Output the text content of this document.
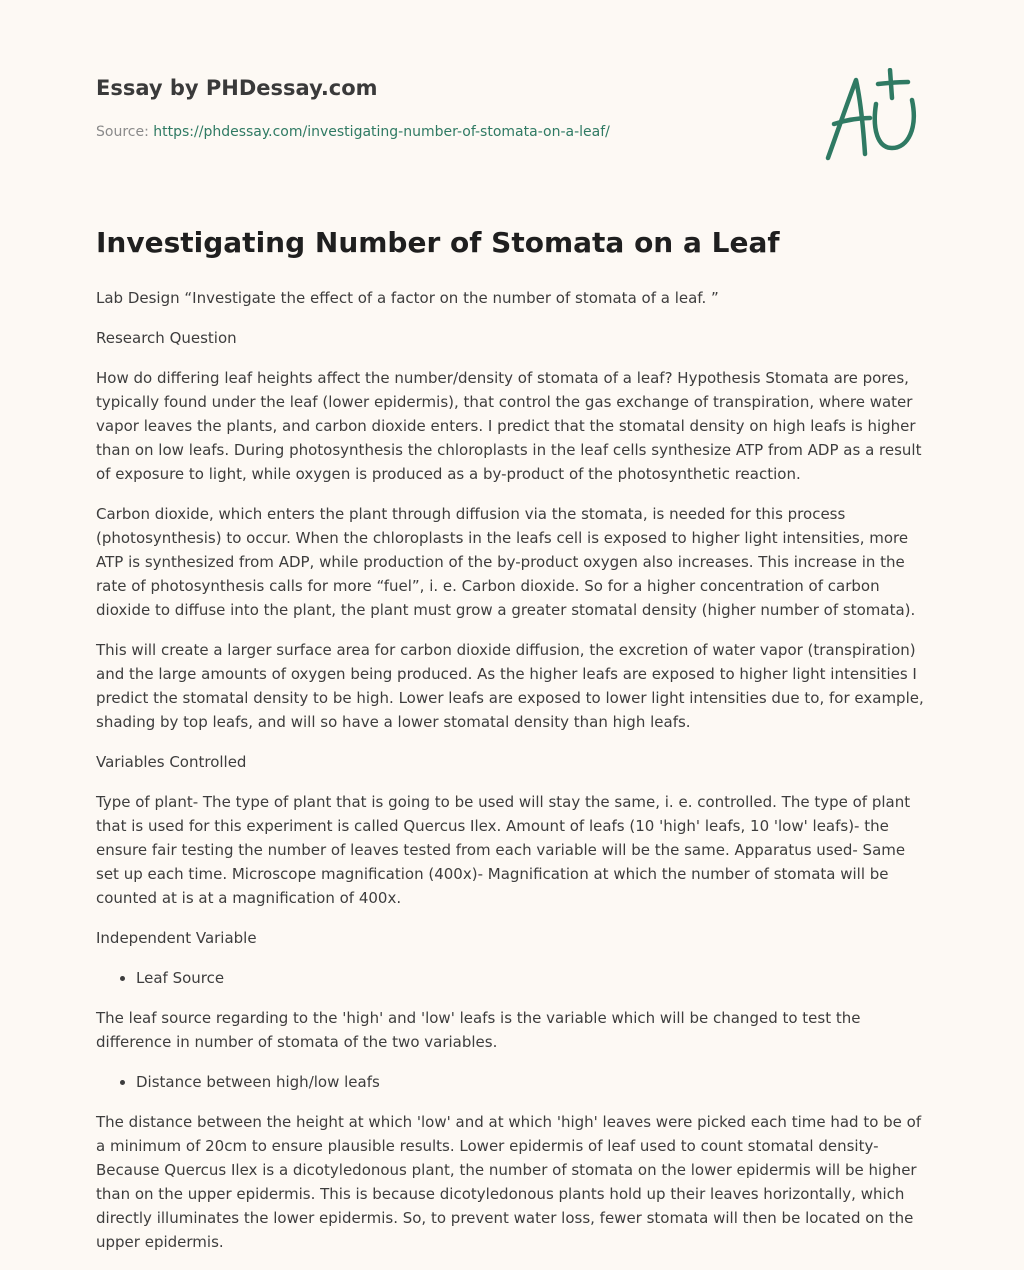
Essay by PHDessay.com
Source: https://phdessay.com/investigating-number-of-stomata-on-a-leaf/
Investigating Number of Stomata on a Leaf

Lab Design “Investigate the effect of a factor on the number of stomata of a leaf. ”

Research Question

How do differing leaf heights affect the number/density of stomata of a leaf? Hypothesis Stomata are pores, typically found under the leaf (lower epidermis), that control the gas exchange of transpiration, where water vapor leaves the plants, and carbon dioxide enters. I predict that the stomatal density on high leafs is higher than on low leafs. During photosynthesis the chloroplasts in the leaf cells synthesize ATP from ADP as a result of exposure to light, while oxygen is produced as a by-product of the photosynthetic reaction.

Carbon dioxide, which enters the plant through diffusion via the stomata, is needed for this process (photosynthesis) to occur. When the chloroplasts in the leafs cell is exposed to higher light intensities, more ATP is synthesized from ADP, while production of the by-product oxygen also increases. This increase in the rate of photosynthesis calls for more “fuel”, i. e. Carbon dioxide. So for a higher concentration of carbon dioxide to diffuse into the plant, the plant must grow a greater stomatal density (higher number of stomata).

This will create a larger surface area for carbon dioxide diffusion, the excretion of water vapor (transpiration) and the large amounts of oxygen being produced. As the higher leafs are exposed to higher light intensities I predict the stomatal density to be high. Lower leafs are exposed to lower light intensities due to, for example, shading by top leafs, and will so have a lower stomatal density than high leafs.

Variables Controlled

Type of plant- The type of plant that is going to be used will stay the same, i. e. controlled. The type of plant that is used for this experiment is called Quercus Ilex. Amount of leafs (10 'high' leafs, 10 'low' leafs)- the ensure fair testing the number of leaves tested from each variable will be the same. Apparatus used- Same set up each time. Microscope magnification (400x)- Magnification at which the number of stomata will be counted at is at a magnification of 400x.

Independent Variable

• Leaf Source

The leaf source regarding to the 'high' and 'low' leafs is the variable which will be changed to test the difference in number of stomata of the two variables.

• Distance between high/low leafs

The distance between the height at which 'low' and at which 'high' leaves were picked each time had to be of a minimum of 20cm to ensure plausible results. Lower epidermis of leaf used to count stomatal density- Because Quercus Ilex is a dicotyledonous plant, the number of stomata on the lower epidermis will be higher than on the upper epidermis. This is because dicotyledonous plants hold up their leaves horizontally, which directly illuminates the lower epidermis. So, to prevent water loss, fewer stomata will then be located on the upper epidermis.
